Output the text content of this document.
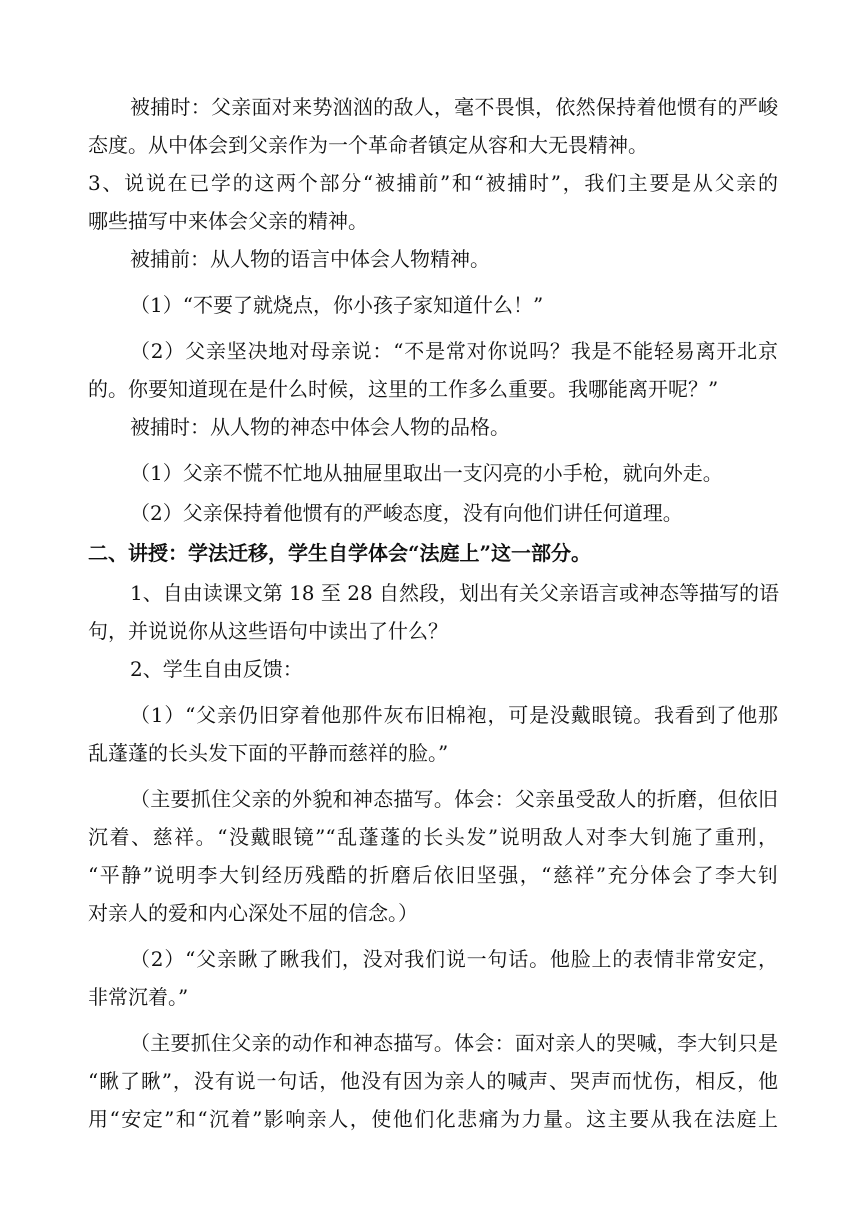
被捕时：父亲面对来势汹汹的敌人，毫不畏惧，依然保持着他惯有的严峻

态度。从中体会到父亲作为一个革命者镇定从容和大无畏精神。

3、说说在已学的这两个部分“被捕前”和“被捕时”，我们主要是从父亲的

哪些描写中来体会父亲的精神。

被捕前：从人物的语言中体会人物精神。

（1）“不要了就烧点，你小孩子家知道什么！”

（2）父亲坚决地对母亲说：“不是常对你说吗？我是不能轻易离开北京

的。你要知道现在是什么时候，这里的工作多么重要。我哪能离开呢？”

被捕时：从人物的神态中体会人物的品格。

（1）父亲不慌不忙地从抽屉里取出一支闪亮的小手枪，就向外走。

（2）父亲保持着他惯有的严峻态度，没有向他们讲任何道理。

二、讲授：学法迁移，学生自学体会“法庭上”这一部分。

1、自由读课文第 18 至 28 自然段，划出有关父亲语言或神态等描写的语

句，并说说你从这些语句中读出了什么？

2、学生自由反馈：

（1）“父亲仍旧穿着他那件灰布旧棉袍，可是没戴眼镜。我看到了他那

乱蓬蓬的长头发下面的平静而慈祥的脸。”

（主要抓住父亲的外貌和神态描写。体会：父亲虽受敌人的折磨，但依旧

沉着、慈祥。“没戴眼镜”“乱蓬蓬的长头发”说明敌人对李大钊施了重刑，

“平静”说明李大钊经历残酷的折磨后依旧坚强，“慈祥”充分体会了李大钊

对亲人的爱和内心深处不屈的信念。）

（2）“父亲瞅了瞅我们，没对我们说一句话。他脸上的表情非常安定，

非常沉着。”

（主要抓住父亲的动作和神态描写。体会：面对亲人的哭喊，李大钊只是

“瞅了瞅”，没有说一句话，他没有因为亲人的喊声、哭声而忧伤，相反，他

用“安定”和“沉着”影响亲人，使他们化悲痛为力量。这主要从我在法庭上
